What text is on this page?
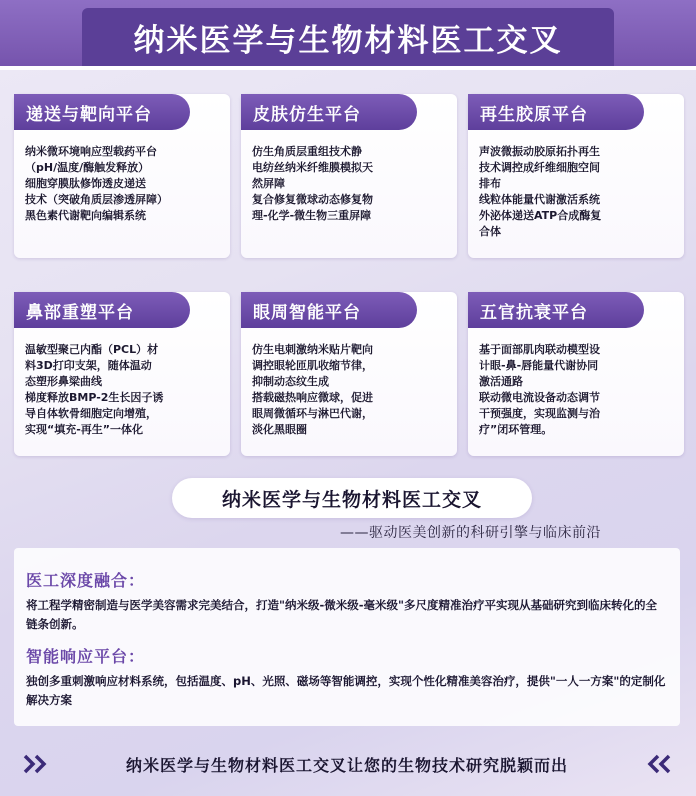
纳米医学与生物材料医工交叉
递送与靶向平台
纳米微环境响应型载药平台
（pH/温度/酶触发释放）
细胞穿膜肽修饰透皮递送
技术（突破角质层渗透屏障）
黑色素代谢靶向编辑系统
皮肤仿生平台
仿生角质层重组技术静
电纺丝纳米纤维膜模拟天
然屏障
复合修复微球动态修复物
理-化学-微生物三重屏障
再生胶原平台
声波微振动胶原拓扑再生
技术调控成纤维细胞空间
排布
线粒体能量代谢激活系统
外泌体递送ATP合成酶复
合体
鼻部重塑平台
温敏型聚己内酯（PCL）材
料3D打印支架，随体温动
态塑形鼻梁曲线
梯度释放BMP-2生长因子诱
导自体软骨细胞定向增殖，
实现“填充-再生”一体化
眼周智能平台
仿生电刺激纳米贴片靶向
调控眼轮匝肌收缩节律，
抑制动态纹生成
搭载磁热响应微球，促进
眼周微循环与淋巴代谢，
淡化黑眼圈
五官抗衰平台
基于面部肌肉联动模型设
计眼-鼻-唇能量代谢协同
激活通路
联动微电流设备动态调节
干预强度，实现监测与治
疗”闭环管理。
纳米医学与生物材料医工交叉
——驱动医美创新的科研引擎与临床前沿
医工深度融合：
将工程学精密制造与医学美容需求完美结合，打造"纳米级-微米级-毫米级"多尺度精准治疗平实现从基础研究到临床转化的全链条创新。
智能响应平台：
独创多重刺激响应材料系统，包括温度、pH、光照、磁场等智能调控，实现个性化精准美容治疗，提供"一人一方案"的定制化解决方案
纳米医学与生物材料医工交叉让您的生物技术研究脱颖而出
